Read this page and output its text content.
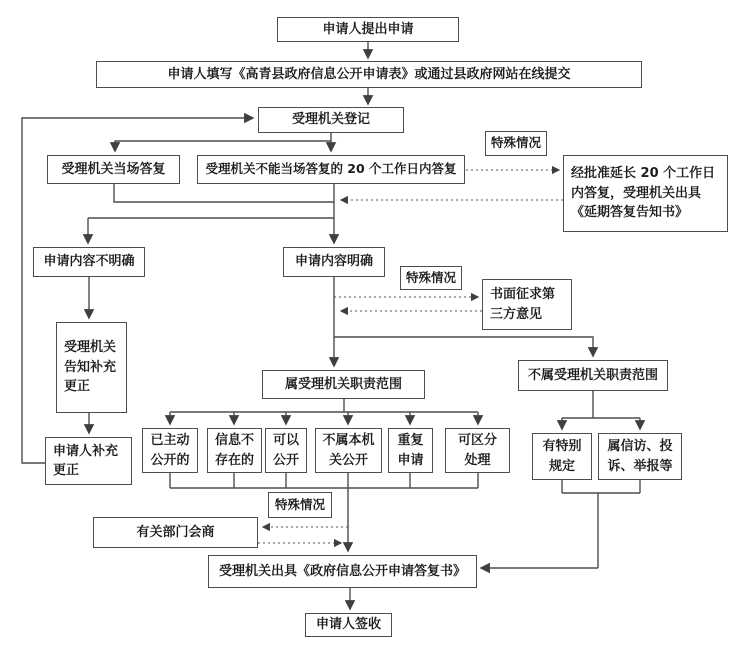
申请人提出申请
申请人填写《高青县政府信息公开申请表》或通过县政府网站在线提交
受理机关登记
特殊情况
受理机关当场答复	受理机关不能当场答复的 20 个工作日内答复	经批准延长 20 个工作日内答复，受理机关出具《延期答复告知书》
申请内容不明确	申请内容明确
特殊情况
书面征求第三方意见
受理机关告知补充更正	属受理机关职责范围
不属受理机关职责范围
已主动公开的
信息不存在的
可以公开
不属本机关公开
重复申请
可区分处理
有特别规定
属信访、投诉、举报等
申请人补充更正
特殊情况
有关部门会商
受理机关出具《政府信息公开申请答复书》
申请人签收
